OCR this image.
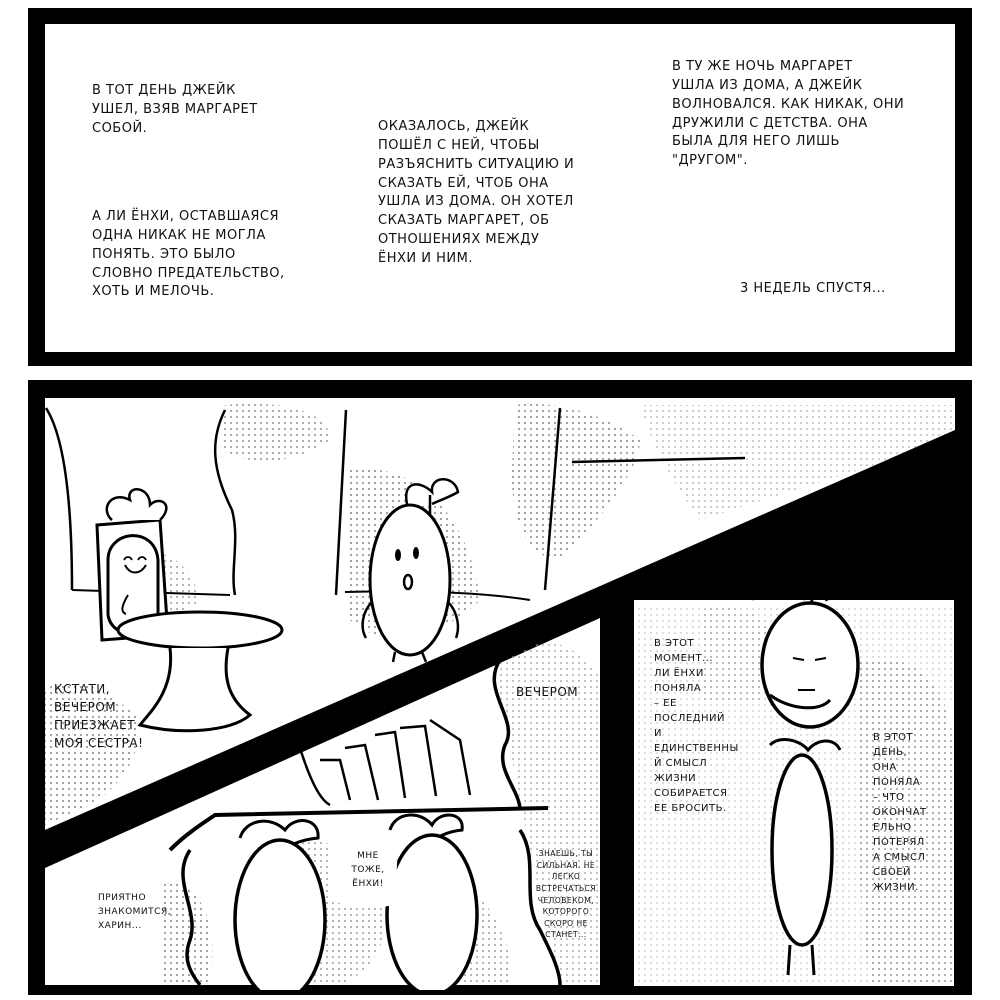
В ТОТ ДЕНЬ ДЖЕЙК
УШЕЛ, ВЗЯВ МАРГАРЕТ
СОБОЙ.
А ЛИ ЁНХИ, ОСТАВШАЯСЯ
ОДНА НИКАК НЕ МОГЛА
ПОНЯТЬ. ЭТО БЫЛО
СЛОВНО ПРЕДАТЕЛЬСТВО,
ХОТЬ И МЕЛОЧЬ.
ОКАЗАЛОСЬ, ДЖЕЙК
ПОШЁЛ С НЕЙ, ЧТОБЫ
РАЗЪЯСНИТЬ СИТУАЦИЮ И
СКАЗАТЬ ЕЙ, ЧТОБ ОНА
УШЛА ИЗ ДОМА. ОН ХОТЕЛ
СКАЗАТЬ МАРГАРЕТ, ОБ
ОТНОШЕНИЯХ МЕЖДУ
ЁНХИ И НИМ.
В ТУ ЖЕ НОЧЬ МАРГАРЕТ
УШЛА ИЗ ДОМА, А ДЖЕЙК
ВОЛНОВАЛСЯ. КАК НИКАК, ОНИ
ДРУЖИЛИ С ДЕТСТВА. ОНА
БЫЛА ДЛЯ НЕГО ЛИШЬ
"ДРУГОМ".
3 НЕДЕЛЬ СПУСТЯ...
КСТАТИ,
ВЕЧЕРОМ
ПРИЕЗЖАЕТ
МОЯ СЕСТРА!
ВЕЧЕРОМ
ПРИЯТНО
ЗНАКОМИТСЯ,
ХАРИН...
МНЕ
ТОЖЕ,
ЁНХИ!
ЗНАЕШЬ, ТЫ
СИЛЬНАЯ. НЕ
ЛЕГКО
ВСТРЕЧАТЬСЯ
ЧЕЛОВЕКОМ,
КОТОРОГО
СКОРО НЕ
СТАНЕТ...
В ЭТОТ
МОМЕНТ...
ЛИ ЁНХИ
ПОНЯЛА
– ЕЕ
ПОСЛЕДНИЙ
И
ЕДИНСТВЕННЫ
Й СМЫСЛ
ЖИЗНИ
СОБИРАЕТСЯ
ЕЕ БРОСИТЬ.
В ЭТОТ
ДЕНЬ,
ОНА
ПОНЯЛА
– ЧТО
ОКОНЧАТ
ЕЛЬНО
ПОТЕРЯЛ
А СМЫСЛ
СВОЕЙ
ЖИЗНИ.
